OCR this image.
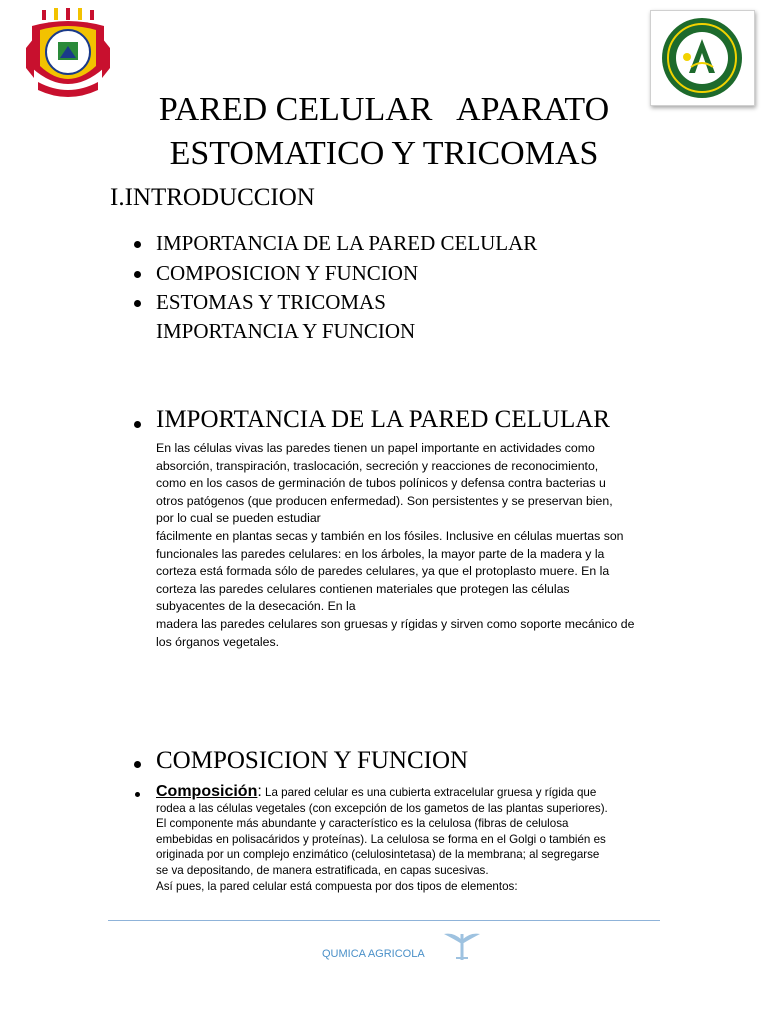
PARED CELULAR   APARATO
ESTOMATICO Y TRICOMAS
I.INTRODUCCION
IMPORTANCIA DE LA PARED CELULAR
COMPOSICION Y FUNCION
ESTOMAS Y TRICOMAS
IMPORTANCIA Y FUNCION
IMPORTANCIA DE LA PARED CELULAR
En las células vivas las paredes tienen un papel importante en actividades como
absorción, transpiración, traslocación, secreción y reacciones de reconocimiento,
como en los casos de germinación de tubos polínicos y defensa contra bacterias u
otros patógenos (que producen enfermedad). Son persistentes y se preservan bien,
por lo cual se pueden estudiar
fácilmente en plantas secas y también en los fósiles. Inclusive en células muertas son
funcionales las paredes celulares: en los árboles, la mayor parte de la madera y la
corteza está formada sólo de paredes celulares, ya que el protoplasto muere. En la
corteza las paredes celulares contienen materiales que protegen las células
subyacentes de la desecación. En la
madera las paredes celulares son gruesas y rígidas y sirven como soporte mecánico de
los órganos vegetales.
COMPOSICION Y FUNCION
Composición: La pared celular es una cubierta extracelular gruesa y rígida que
rodea a las células vegetales (con excepción de los gametos de las plantas superiores).
El componente más abundante y característico es la celulosa (fibras de celulosa
embebidas en polisacáridos y proteínas). La celulosa se forma en el Golgi o también es
originada por un complejo enzimático (celulosintetasa) de la membrana; al segregarse
se va depositando, de manera estratificada, en capas sucesivas.
Así pues, la pared celular está compuesta por dos tipos de elementos:
QUMICA AGRICOLA
